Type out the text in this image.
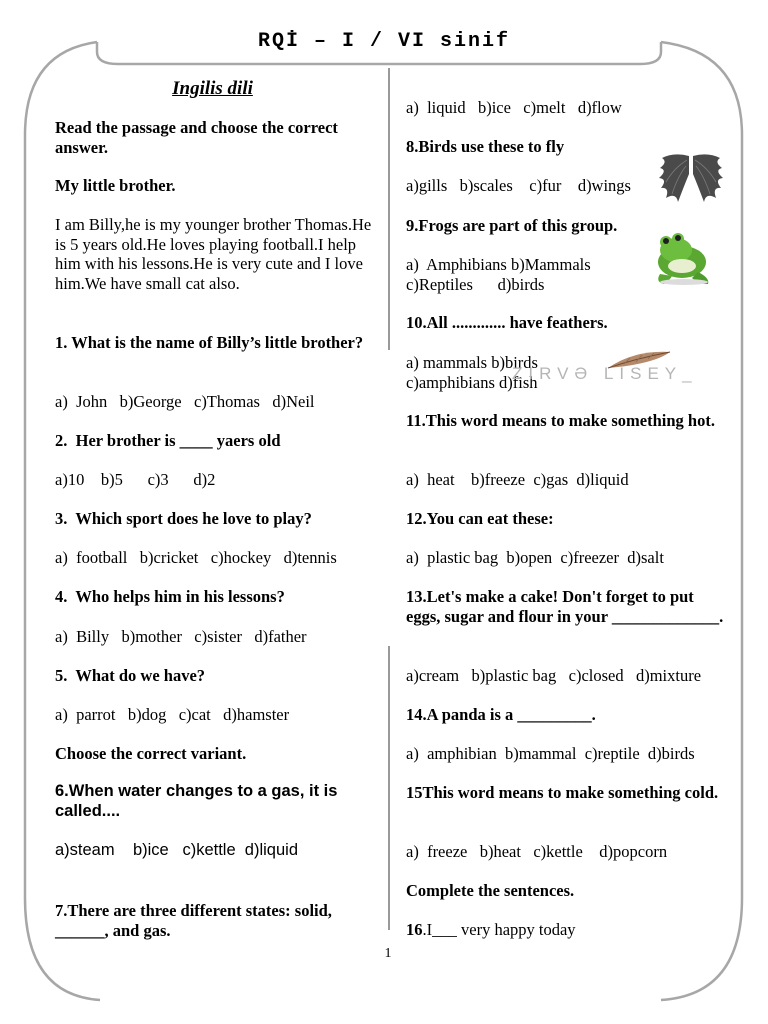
RQİ – I / VI sinif
Ingilis dili

Read the passage and choose the correct answer.

My little brother.

I am Billy,he is my younger brother Thomas.He is 5 years old.He loves playing football.I help him with his lessons.He is very cute and I love him.We have small cat also.

1. What is the name of Billy’s little brother?

a)  John   b)George   c)Thomas   d)Neil

2.  Her brother is ____ yaers old

a)10    b)5      c)3      d)2

3.  Which sport does he love to play?

a)  football   b)cricket   c)hockey   d)tennis

4.  Who helps him in his lessons?

a)  Billy   b)mother   c)sister   d)father

5.  What do we have?

a)  parrot   b)dog   c)cat   d)hamster

Choose the correct variant.

6.When water changes to a gas, it is called....

a)steam    b)ice   c)kettle  d)liquid

7.There are three different states: solid, ______, and gas.

a)  liquid   b)ice   c)melt   d)flow

8.Birds use these to fly

a)gills   b)scales    c)fur    d)wings

9.Frogs are part of this group.

a)  Amphibians b)Mammals c)Reptiles      d)birds

10.All ............. have feathers.

a) mammals b)birds c)amphibians d)fish

11.This word means to make something hot.

a)  heat    b)freeze  c)gas  d)liquid

12.You can eat these:

a)  plastic bag  b)open  c)freezer  d)salt

13.Let's make a cake! Don't forget to put eggs, sugar and flour in your _____________.

a)cream   b)plastic bag   c)closed   d)mixture

14.A panda is a _________.

a)  amphibian  b)mammal  c)reptile  d)birds

15This word means to make something cold.

a)  freeze   b)heat   c)kettle    d)popcorn

Complete the sentences.

16.I___ very happy today

ZIRVƏ LISEY_
1
